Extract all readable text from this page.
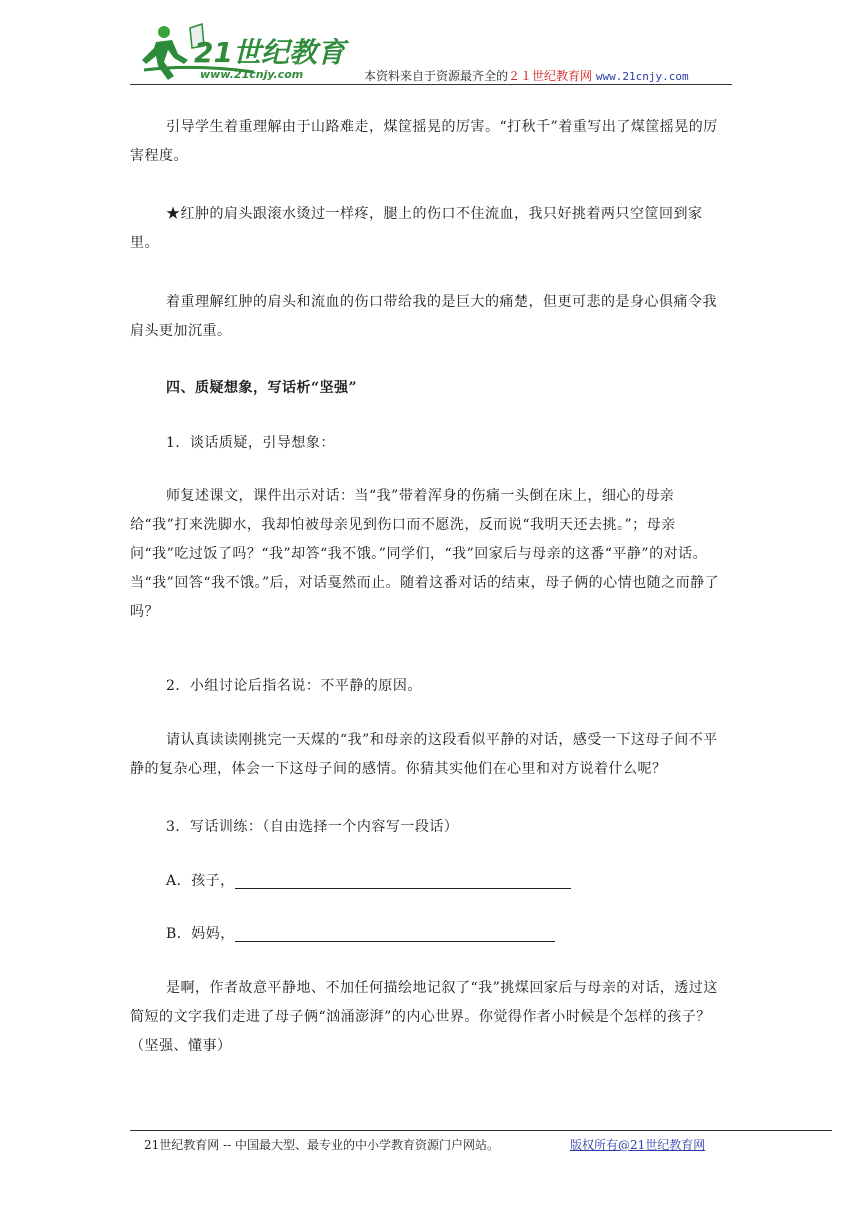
21世纪教育
www.21cnjy.com	本资料来自于资源最齐全的２１世纪教育网 www.21cnjy.com

引导学生着重理解由于山路难走，煤筐摇晃的厉害。“打秋千”着重写出了煤筐摇晃的厉害程度。

★红肿的肩头跟滚水烫过一样疼，腿上的伤口不住流血，我只好挑着两只空筐回到家里。

着重理解红肿的肩头和流血的伤口带给我的是巨大的痛楚，但更可悲的是身心俱痛令我肩头更加沉重。

四、质疑想象，写话析“坚强”

1．谈话质疑，引导想象：

师复述课文，课件出示对话：当“我”带着浑身的伤痛一头倒在床上，细心的母亲给“我”打来洗脚水，我却怕被母亲见到伤口而不愿洗，反而说“我明天还去挑。”；母亲问“我”吃过饭了吗？“我”却答“我不饿。”同学们，“我”回家后与母亲的这番“平静”的对话。当“我”回答“我不饿。”后，对话戛然而止。随着这番对话的结束，母子俩的心情也随之而静了吗？

2．小组讨论后指名说：不平静的原因。

请认真读读刚挑完一天煤的“我”和母亲的这段看似平静的对话，感受一下这母子间不平静的复杂心理，体会一下这母子间的感情。你猜其实他们在心里和对方说着什么呢？

3．写话训练：（自由选择一个内容写一段话）

A．孩子，

B．妈妈，

是啊，作者故意平静地、不加任何描绘地记叙了“我”挑煤回家后与母亲的对话，透过这简短的文字我们走进了母子俩“汹涌澎湃”的内心世界。你觉得作者小时候是个怎样的孩子？（坚强、懂事）

21世纪教育网 -- 中国最大型、最专业的中小学教育资源门户网站。	版权所有@21世纪教育网
